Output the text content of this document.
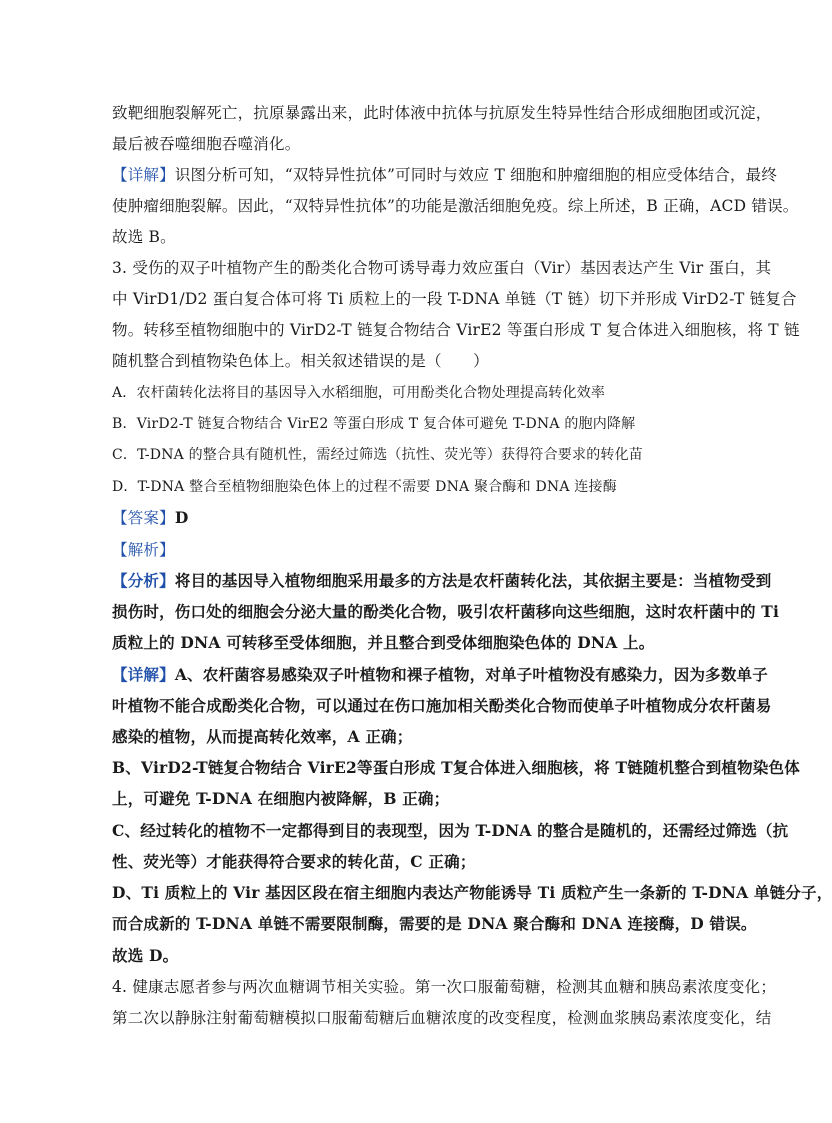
致靶细胞裂解死亡，抗原暴露出来，此时体液中抗体与抗原发生特异性结合形成细胞团或沉淀，
最后被吞噬细胞吞噬消化。
【详解】识图分析可知，“双特异性抗体”可同时与效应 T 细胞和肿瘤细胞的相应受体结合，最终
使肿瘤细胞裂解。因此，“双特异性抗体”的功能是激活细胞免疫。综上所述，B 正确，ACD 错误。
故选 B。
3. 受伤的双子叶植物产生的酚类化合物可诱导毒力效应蛋白（Vir）基因表达产生 Vir 蛋白，其
中 VirD1/D2 蛋白复合体可将 Ti 质粒上的一段 T-DNA 单链（T 链）切下并形成 VirD2-T 链复合
物。转移至植物细胞中的 VirD2-T 链复合物结合 VirE2 等蛋白形成 T 复合体进入细胞核，将 T 链
随机整合到植物染色体上。相关叙述错误的是（　　）
A．农杆菌转化法将目的基因导入水稻细胞，可用酚类化合物处理提高转化效率
B．VirD2-T 链复合物结合 VirE2 等蛋白形成 T 复合体可避免 T-DNA 的胞内降解
C．T-DNA 的整合具有随机性，需经过筛选（抗性、荧光等）获得符合要求的转化苗
D．T-DNA 整合至植物细胞染色体上的过程不需要 DNA 聚合酶和 DNA 连接酶
【答案】D
【解析】
【分析】将目的基因导入植物细胞采用最多的方法是农杆菌转化法，其依据主要是：当植物受到
损伤时，伤口处的细胞会分泌大量的酚类化合物，吸引农杆菌移向这些细胞，这时农杆菌中的 Ti
质粒上的 DNA 可转移至受体细胞，并且整合到受体细胞染色体的 DNA 上。
【详解】A、农杆菌容易感染双子叶植物和裸子植物，对单子叶植物没有感染力，因为多数单子
叶植物不能合成酚类化合物，可以通过在伤口施加相关酚类化合物而使单子叶植物成分农杆菌易
感染的植物，从而提高转化效率，A 正确；
B、VirD2-T链复合物结合 VirE2等蛋白形成 T复合体进入细胞核，将 T链随机整合到植物染色体
上，可避免 T-DNA 在细胞内被降解，B 正确；
C、经过转化的植物不一定都得到目的表现型，因为 T-DNA 的整合是随机的，还需经过筛选（抗
性、荧光等）才能获得符合要求的转化苗，C 正确；
D、Ti 质粒上的 Vir 基因区段在宿主细胞内表达产物能诱导 Ti 质粒产生一条新的 T-DNA 单链分子，
而合成新的 T-DNA 单链不需要限制酶，需要的是 DNA 聚合酶和 DNA 连接酶，D 错误。
故选 D。
4. 健康志愿者参与两次血糖调节相关实验。第一次口服葡萄糖，检测其血糖和胰岛素浓度变化；
第二次以静脉注射葡萄糖模拟口服葡萄糖后血糖浓度的改变程度，检测血浆胰岛素浓度变化，结
